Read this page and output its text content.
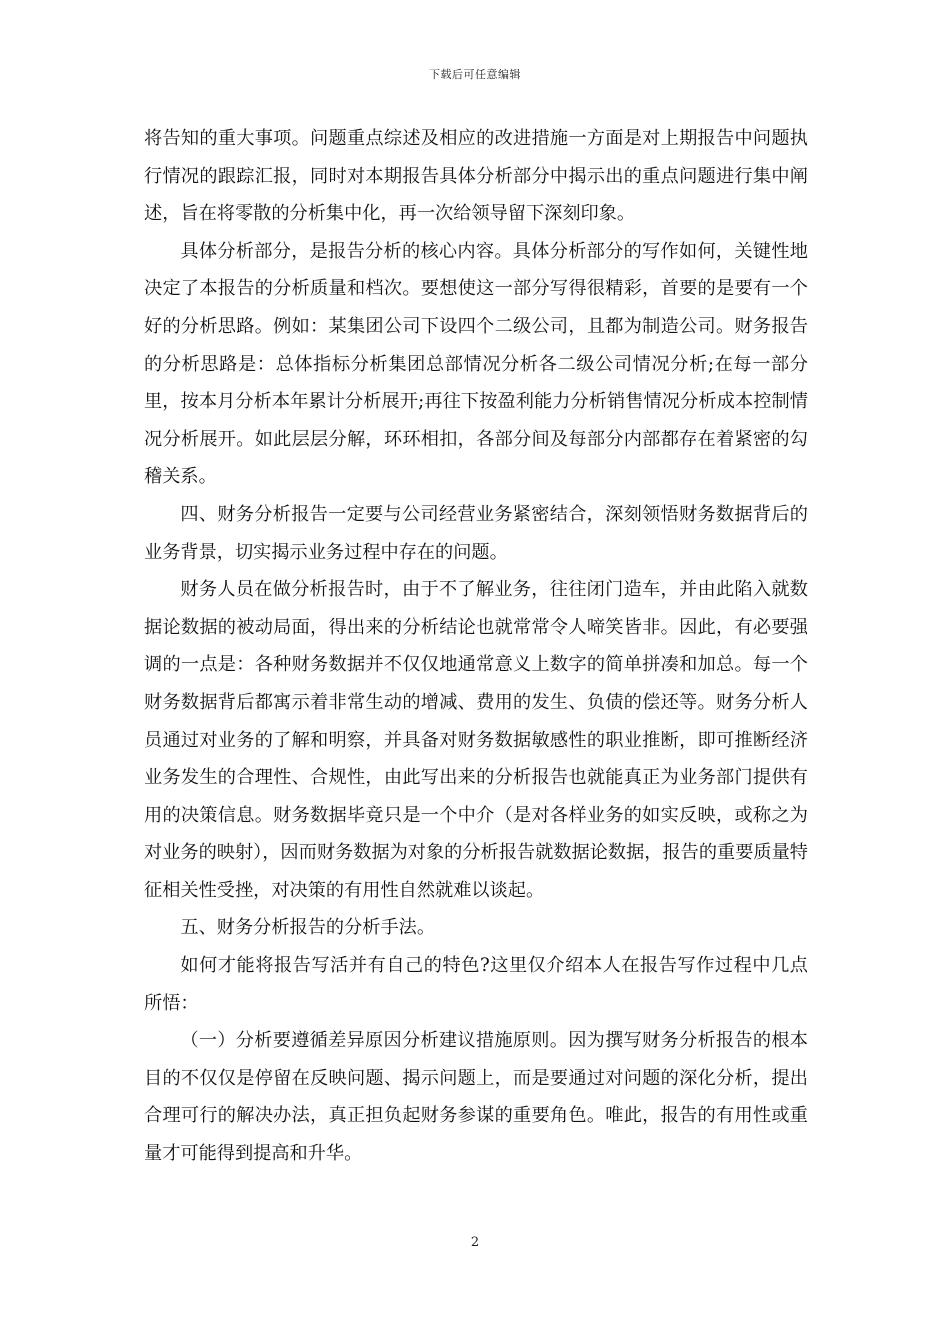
下载后可任意编辑

将告知的重大事项。问题重点综述及相应的改进措施一方面是对上期报告中问题执行情况的跟踪汇报，同时对本期报告具体分析部分中揭示出的重点问题进行集中阐述，旨在将零散的分析集中化，再一次给领导留下深刻印象。

具体分析部分，是报告分析的核心内容。具体分析部分的写作如何，关键性地决定了本报告的分析质量和档次。要想使这一部分写得很精彩，首要的是要有一个好的分析思路。例如：某集团公司下设四个二级公司，且都为制造公司。财务报告的分析思路是：总体指标分析集团总部情况分析各二级公司情况分析;在每一部分里，按本月分析本年累计分析展开;再往下按盈利能力分析销售情况分析成本控制情况分析展开。如此层层分解，环环相扣，各部分间及每部分内部都存在着紧密的勾稽关系。

四、财务分析报告一定要与公司经营业务紧密结合，深刻领悟财务数据背后的业务背景，切实揭示业务过程中存在的问题。

财务人员在做分析报告时，由于不了解业务，往往闭门造车，并由此陷入就数据论数据的被动局面，得出来的分析结论也就常常令人啼笑皆非。因此，有必要强调的一点是：各种财务数据并不仅仅地通常意义上数字的简单拼凑和加总。每一个财务数据背后都寓示着非常生动的增减、费用的发生、负债的偿还等。财务分析人员通过对业务的了解和明察，并具备对财务数据敏感性的职业推断，即可推断经济业务发生的合理性、合规性，由此写出来的分析报告也就能真正为业务部门提供有用的决策信息。财务数据毕竟只是一个中介（是对各样业务的如实反映，或称之为对业务的映射），因而财务数据为对象的分析报告就数据论数据，报告的重要质量特征相关性受挫，对决策的有用性自然就难以谈起。

五、财务分析报告的分析手法。

如何才能将报告写活并有自己的特色?这里仅介绍本人在报告写作过程中几点所悟：

（一）分析要遵循差异原因分析建议措施原则。因为撰写财务分析报告的根本目的不仅仅是停留在反映问题、揭示问题上，而是要通过对问题的深化分析，提出合理可行的解决办法，真正担负起财务参谋的重要角色。唯此，报告的有用性或重量才可能得到提高和升华。

2
